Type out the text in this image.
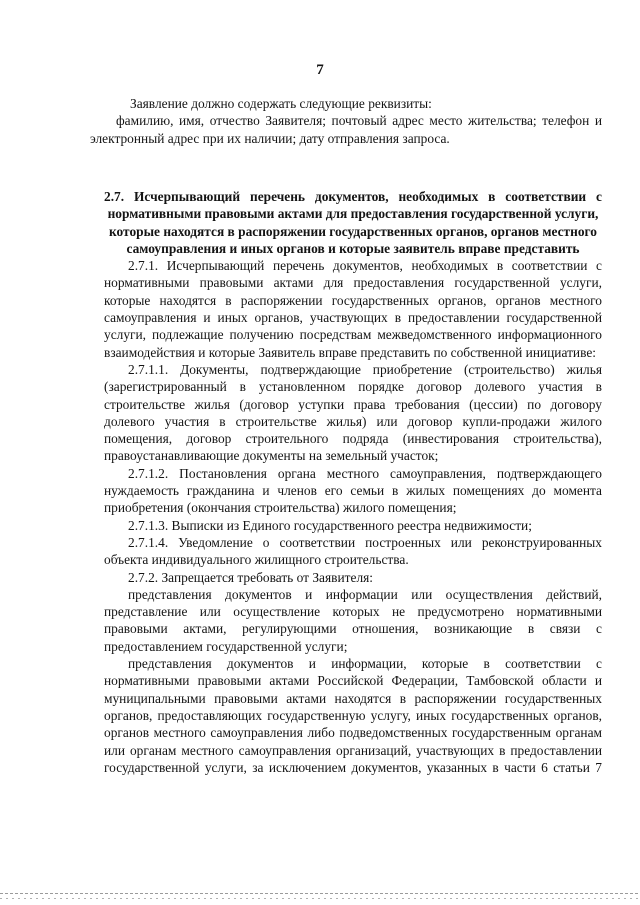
7

Заявление должно содержать следующие реквизиты:

фамилию, имя, отчество Заявителя; почтовый адрес место жительства; телефон и электронный адрес при их наличии; дату отправления запроса.

2.7. Исчерпывающий перечень документов, необходимых в соответствии с
нормативными правовыми актами для предоставления государственной услуги, которые находятся в распоряжении государственных органов, органов местного самоуправления и иных органов и которые заявитель вправе представить

2.7.1. Исчерпывающий перечень документов, необходимых в соответствии с нормативными правовыми актами для предоставления государственной услуги, которые находятся в распоряжении государственных органов, органов местного самоуправления и иных органов, участвующих в предоставлении государственной услуги, подлежащие получению посредствам межведомственного информационного взаимодействия и которые Заявитель вправе представить по собственной инициативе:

2.7.1.1. Документы, подтверждающие приобретение (строительство) жилья (зарегистрированный в установленном порядке договор долевого участия в строительстве жилья (договор уступки права требования (цессии) по договору долевого участия в строительстве жилья) или договор купли-продажи жилого помещения, договор строительного подряда (инвестирования строительства), правоустанавливающие документы на земельный участок;

2.7.1.2. Постановления органа местного самоуправления, подтверждающего нуждаемость гражданина и членов его семьи в жилых помещениях до момента приобретения (окончания строительства) жилого помещения;

2.7.1.3. Выписки из Единого государственного реестра недвижимости;

2.7.1.4. Уведомление о соответствии построенных или реконструированных объекта индивидуального жилищного строительства.

2.7.2. Запрещается требовать от Заявителя:

представления документов и информации или осуществления действий, представление или осуществление которых не предусмотрено нормативными правовыми актами, регулирующими отношения, возникающие в связи с предоставлением государственной услуги;

представления документов и информации, которые в соответствии с нормативными правовыми актами Российской Федерации, Тамбовской области и муниципальными правовыми актами находятся в распоряжении государственных органов, предоставляющих государственную услугу, иных государственных органов, органов местного самоуправления либо подведомственных государственным органам или органам местного самоуправления организаций, участвующих в предоставлении государственной услуги, за исключением документов, указанных в части 6 статьи 7
